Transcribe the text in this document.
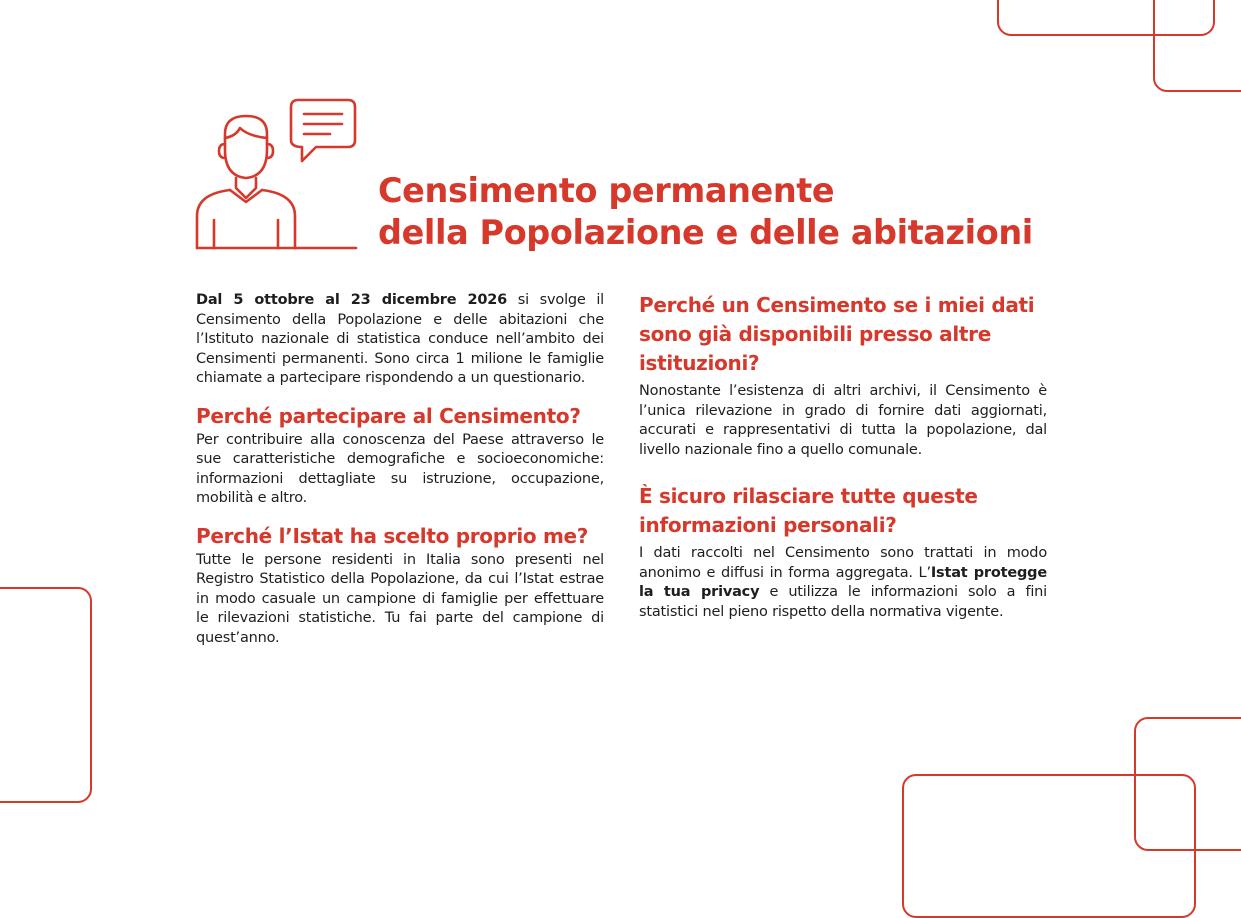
Censimento permanente
della Popolazione e delle abitazioni

Dal 5 ottobre al 23 dicembre 2026 si svolge il Censimento della Popolazione e delle abitazioni che l’Istituto nazionale di statistica conduce nell’ambito dei Censimenti permanenti. Sono circa 1 milione le famiglie chiamate a partecipare rispondendo a un questionario.

Perché partecipare al Censimento?

Per contribuire alla conoscenza del Paese attraverso le sue caratteristiche demografiche e socioeconomiche: informazioni dettagliate su istruzione, occupazione, mobilità e altro.

Perché l’Istat ha scelto proprio me?

Tutte le persone residenti in Italia sono presenti nel Registro Statistico della Popolazione, da cui l’Istat estrae in modo casuale un campione di famiglie per effettuare le rilevazioni statistiche. Tu fai parte del campione di quest’anno.

Perché un Censimento se i miei dati sono già disponibili presso altre istituzioni?

Nonostante l’esistenza di altri archivi, il Censimento è l’unica rilevazione in grado di fornire dati aggiornati, accurati e rappresentativi di tutta la popolazione, dal livello nazionale fino a quello comunale.

È sicuro rilasciare tutte queste informazioni personali?

I dati raccolti nel Censimento sono trattati in modo anonimo e diffusi in forma aggregata. L’Istat protegge la tua privacy e utilizza le informazioni solo a fini statistici nel pieno rispetto della normativa vigente.
